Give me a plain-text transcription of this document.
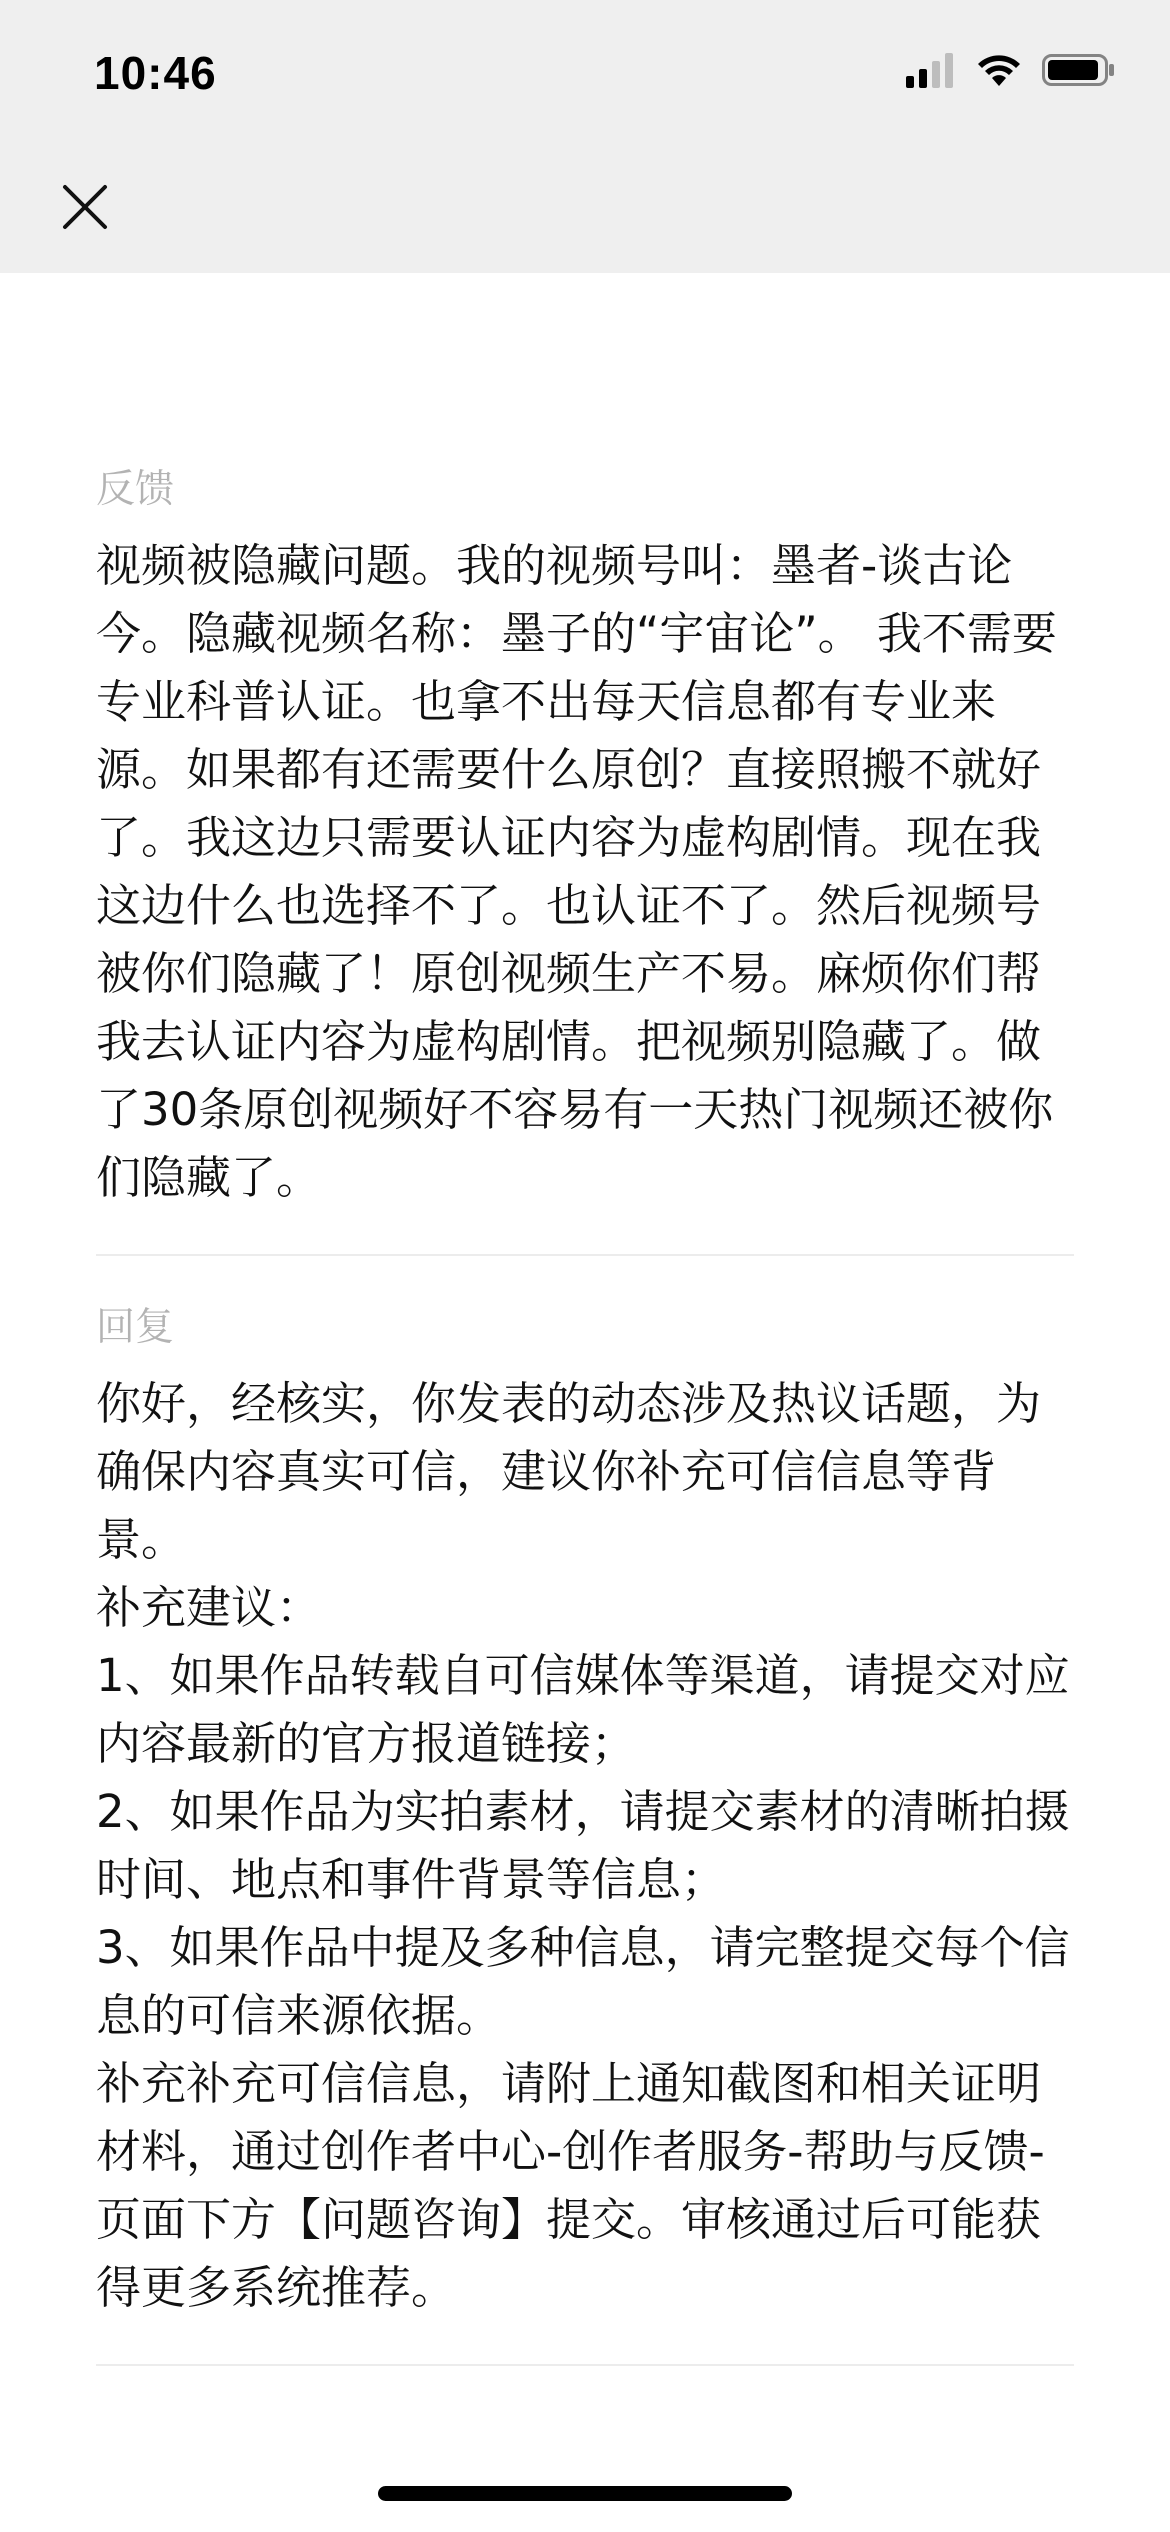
10:46
反馈

视频被隐藏问题。我的视频号叫：墨者-谈古论今。隐藏视频名称：墨子的“宇宙论”。 我不需要专业科普认证。也拿不出每天信息都有专业来源。如果都有还需要什么原创？直接照搬不就好了。我这边只需要认证内容为虚构剧情。现在我这边什么也选择不了。也认证不了。然后视频号被你们隐藏了！原创视频生产不易。麻烦你们帮我去认证内容为虚构剧情。把视频别隐藏了。做了30条原创视频好不容易有一天热门视频还被你们隐藏了。

回复

你好，经核实，你发表的动态涉及热议话题，为确保内容真实可信，建议你补充可信信息等背景。
补充建议：
1、如果作品转载自可信媒体等渠道，请提交对应内容最新的官方报道链接；
2、如果作品为实拍素材，请提交素材的清晰拍摄时间、地点和事件背景等信息；
3、如果作品中提及多种信息，请完整提交每个信息的可信来源依据。
补充补充可信信息，请附上通知截图和相关证明材料，通过创作者中心-创作者服务-帮助与反馈-页面下方【问题咨询】提交。审核通过后可能获得更多系统推荐。
